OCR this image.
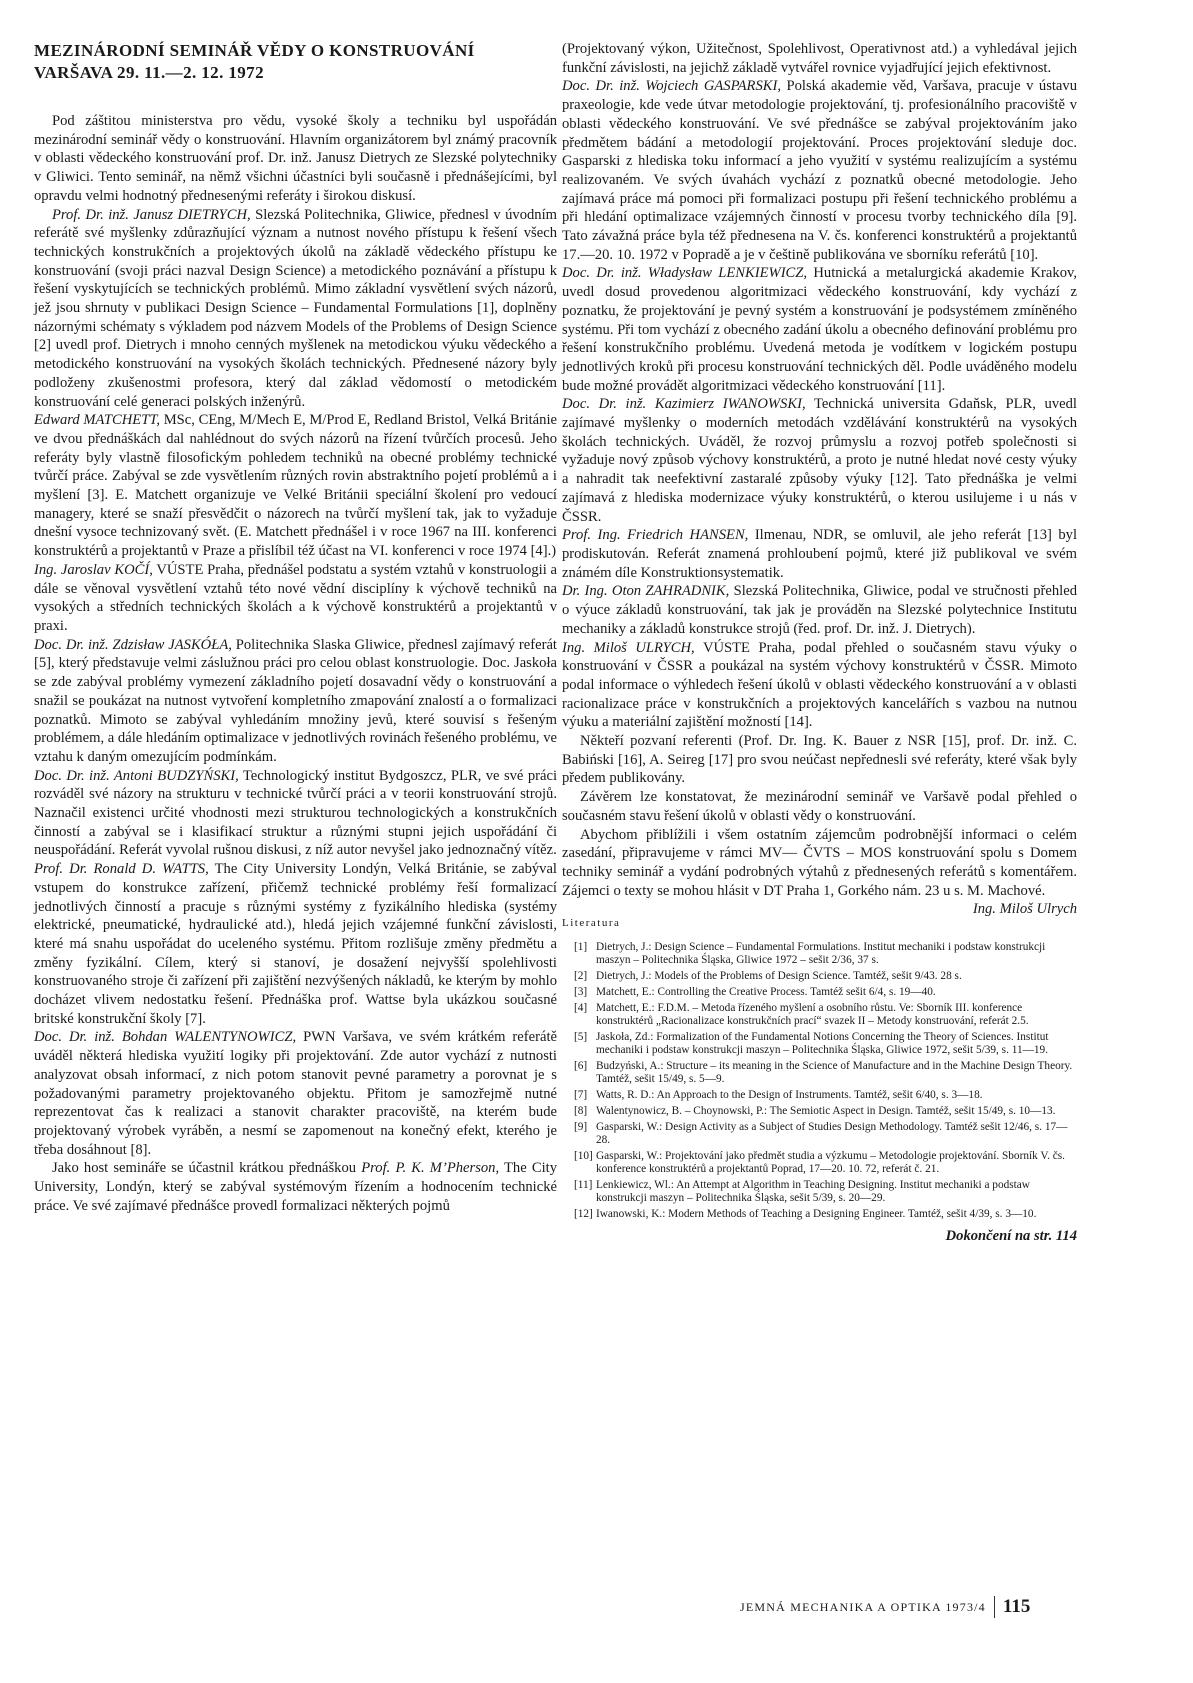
MEZINÁRODNÍ SEMINÁŘ VĚDY O KONSTRUOVÁNÍ
VARŠAVA 29. 11.—2. 12. 1972

Pod záštitou ministerstva pro vědu, vysoké školy a techniku byl uspořádán mezinárodní seminář vědy o konstruování. Hlavním organizátorem byl známý pracovník v oblasti vědeckého konstruování prof. Dr. inž. Janusz Dietrych ze Slezské polytechniky v Gliwici. Tento seminář, na němž všichni účastníci byli současně i přednášejícími, byl opravdu velmi hodnotný přednesenými referáty i širokou diskusí.

Prof. Dr. inž. Janusz DIETRYCH, Slezská Politechnika, Gliwice, přednesl v úvodním referátě své myšlenky zdůrazňující význam a nutnost nového přístupu k řešení všech technických konstrukčních a projektových úkolů na základě vědeckého přístupu ke konstruování (svoji práci nazval Design Science) a metodického poznávání a přístupu k řešení vyskytujících se technických problémů. Mimo základní vysvětlení svých názorů, jež jsou shrnuty v publikaci Design Science – Fundamental Formulations [1], doplněny názornými schématy s výkladem pod názvem Models of the Problems of Design Science [2] uvedl prof. Dietrych i mnoho cenných myšlenek na metodickou výuku vědeckého a metodického konstruování na vysokých školách technických. Přednesené názory byly podloženy zkušenostmi profesora, který dal základ vědomostí o metodickém konstruování celé generaci polských inženýrů.

Edward MATCHETT, MSc, CEng, M/Mech E, M/Prod E, Redland Bristol, Velká Británie ve dvou přednáškách dal nahlédnout do svých názorů na řízení tvůrčích procesů. Jeho referáty byly vlastně filosofickým pohledem techniků na obecné problémy technické tvůrčí práce. Zabýval se zde vysvětlením různých rovin abstraktního pojetí problémů a i myšlení [3]. E. Matchett organizuje ve Velké Británii speciální školení pro vedoucí managery, které se snaží přesvědčit o názorech na tvůrčí myšlení tak, jak to vyžaduje dnešní vysoce technizovaný svět. (E. Matchett přednášel i v roce 1967 na III. konferenci konstruktérů a projektantů v Praze a přislíbil též účast na VI. konferenci v roce 1974 [4].)

Ing. Jaroslav KOČÍ, VÚSTE Praha, přednášel podstatu a systém vztahů v konstruologii a dále se věnoval vysvětlení vztahů této nové vědní disciplíny k výchově techniků na vysokých a středních technických školách a k výchově konstruktérů a projektantů v praxi.

Doc. Dr. inž. Zdzisław JASKÓŁA, Politechnika Slaska Gliwice, přednesl zajímavý referát [5], který představuje velmi záslužnou práci pro celou oblast konstruologie. Doc. Jaskoła se zde zabýval problémy vymezení základního pojetí dosavadní vědy o konstruování a snažil se poukázat na nutnost vytvoření kompletního zmapování znalostí a o formalizaci poznatků. Mimoto se zabýval vyhledáním množiny jevů, které souvisí s řešeným problémem, a dále hledáním optimalizace v jednotlivých rovinách řešeného problému, ve vztahu k daným omezujícím podmínkám.

Doc. Dr. inž. Antoni BUDZYŃSKI, Technologický institut Bydgoszcz, PLR, ve své práci rozváděl své názory na strukturu v technické tvůrčí práci a v teorii konstruování strojů. Naznačil existenci určité vhodnosti mezi strukturou technologických a konstrukčních činností a zabýval se i klasifikací struktur a různými stupni jejich uspořádání či neuspořádání. Referát vyvolal rušnou diskusi, z níž autor nevyšel jako jednoznačný vítěz.

Prof. Dr. Ronald D. WATTS, The City University Londýn, Velká Británie, se zabýval vstupem do konstrukce zařízení, přičemž technické problémy řeší formalizací jednotlivých činností a pracuje s různými systémy z fyzikálního hlediska (systémy elektrické, pneumatické, hydraulické atd.), hledá jejich vzájemné funkční závislosti, které má snahu uspořádat do uceleného systému. Přitom rozlišuje změny předmětu a změny fyzikální. Cílem, který si stanoví, je dosažení nejvyšší spolehlivosti konstruovaného stroje či zařízení při zajištění nezvýšených nákladů, ke kterým by mohlo docházet vlivem nedostatku řešení. Přednáška prof. Wattse byla ukázkou současné britské konstrukční školy [7].

Doc. Dr. inž. Bohdan WALENTYNOWICZ, PWN Varšava, ve svém krátkém referátě uváděl některá hlediska využití logiky při projektování. Zde autor vychází z nutnosti analyzovat obsah informací, z nich potom stanovit pevné parametry a porovnat je s požadovanými parametry projektovaného objektu. Přitom je samozřejmě nutné reprezentovat čas k realizaci a stanovit charakter pracoviště, na kterém bude projektovaný výrobek vyráběn, a nesmí se zapomenout na konečný efekt, kterého je třeba dosáhnout [8].

Jako host semináře se účastnil krátkou přednáškou Prof. P. K. M’Pherson, The City University, Londýn, který se zabýval systémovým řízením a hodnocením technické práce. Ve své zajímavé přednášce provedl formalizaci některých pojmů

(Projektovaný výkon, Užitečnost, Spolehlivost, Operativnost atd.) a vyhledával jejich funkční závislosti, na jejichž základě vytvářel rovnice vyjadřující jejich efektivnost.

Doc. Dr. inž. Wojciech GASPARSKI, Polská akademie věd, Varšava, pracuje v ústavu praxeologie, kde vede útvar metodologie projektování, tj. profesionálního pracoviště v oblasti vědeckého konstruování. Ve své přednášce se zabýval projektováním jako předmětem bádání a metodologií projektování. Proces projektování sleduje doc. Gasparski z hlediska toku informací a jeho využití v systému realizujícím a systému realizovaném. Ve svých úvahách vychází z poznatků obecné metodologie. Jeho zajímavá práce má pomoci při formalizaci postupu při řešení technického problému a při hledání optimalizace vzájemných činností v procesu tvorby technického díla [9]. Tato závažná práce byla též přednesena na V. čs. konferenci konstruktérů a projektantů 17.—20. 10. 1972 v Popradě a je v češtině publikována ve sborníku referátů [10].

Doc. Dr. inž. Władysław LENKIEWICZ, Hutnická a metalurgická akademie Krakov, uvedl dosud provedenou algoritmizaci vědeckého konstruování, kdy vychází z poznatku, že projektování je pevný systém a konstruování je podsystémem zmíněného systému. Při tom vychází z obecného zadání úkolu a obecného definování problému pro řešení konstrukčního problému. Uvedená metoda je vodítkem v logickém postupu jednotlivých kroků při procesu konstruování technických děl. Podle uváděného modelu bude možné provádět algoritmizaci vědeckého konstruování [11].

Doc. Dr. inž. Kazimierz IWANOWSKI, Technická universita Gdaňsk, PLR, uvedl zajímavé myšlenky o moderních metodách vzdělávání konstruktérů na vysokých školách technických. Uváděl, že rozvoj průmyslu a rozvoj potřeb společnosti si vyžaduje nový způsob výchovy konstruktérů, a proto je nutné hledat nové cesty výuky a nahradit tak neefektivní zastaralé způsoby výuky [12]. Tato přednáška je velmi zajímavá z hlediska modernizace výuky konstruktérů, o kterou usilujeme i u nás v ČSSR.

Prof. Ing. Friedrich HANSEN, Ilmenau, NDR, se omluvil, ale jeho referát [13] byl prodiskutován. Referát znamená prohloubení pojmů, které již publikoval ve svém známém díle Konstruktionsystematik.

Dr. Ing. Oton ZAHRADNIK, Slezská Politechnika, Gliwice, podal ve stručnosti přehled o výuce základů konstruování, tak jak je prováděn na Slezské polytechnice Institutu mechaniky a základů konstrukce strojů (řed. prof. Dr. inž. J. Dietrych).

Ing. Miloš ULRYCH, VÚSTE Praha, podal přehled o současném stavu výuky o konstruování v ČSSR a poukázal na systém výchovy konstruktérů v ČSSR. Mimoto podal informace o výhledech řešení úkolů v oblasti vědeckého konstruování a v oblasti racionalizace práce v konstrukčních a projektových kancelářích s vazbou na nutnou výuku a materiální zajištění možností [14].

Někteří pozvaní referenti (Prof. Dr. Ing. K. Bauer z NSR [15], prof. Dr. inž. C. Babiński [16], A. Seireg [17] pro svou neúčast nepřednesli své referáty, které však byly předem publikovány.

Závěrem lze konstatovat, že mezinárodní seminář ve Varšavě podal přehled o současném stavu řešení úkolů v oblasti vědy o konstruování.

Abychom přiblížili i všem ostatním zájemcům podrobnější informaci o celém zasedání, připravujeme v rámci MV— ČVTS – MOS konstruování spolu s Domem techniky seminář a vydání podrobných výtahů z přednesených referátů s komentářem. Zájemci o texty se mohou hlásit v DT Praha 1, Gorkého nám. 23 u s. M. Machové.
Ing. Miloš Ulrych

Literatura
[1] Dietrych, J.: Design Science – Fundamental Formulations. Institut mechaniki i podstaw konstrukcji maszyn – Politechnika Śląska, Gliwice 1972 – sešit 2/36, 37 s.
[2] Dietrych, J.: Models of the Problems of Design Science. Tamtéž, sešit 9/43. 28 s.
[3] Matchett, E.: Controlling the Creative Process. Tamtéž sešit 6/4, s. 19—40.
[4] Matchett, E.: F.D.M. – Metoda řízeného myšlení a osobního růstu. Ve: Sborník III. konference konstruktérů „Racionalizace konstrukčních prací“ svazek II – Metody konstruování, referát 2.5.
[5] Jaskoła, Zd.: Formalization of the Fundamental Notions Concerning the Theory of Sciences. Institut mechaniki i podstaw konstrukcji maszyn – Politechnika Śląska, Gliwice 1972, sešit 5/39, s. 11—19.
[6] Budzyński, A.: Structure – its meaning in the Science of Manufacture and in the Machine Design Theory. Tamtéž, sešit 15/49, s. 5—9.
[7] Watts, R. D.: An Approach to the Design of Instruments. Tamtéž, sešit 6/40, s. 3—18.
[8] Walentynowicz, B. – Choynowski, P.: The Semiotic Aspect in Design. Tamtéž, sešit 15/49, s. 10—13.
[9] Gasparski, W.: Design Activity as a Subject of Studies Design Methodology. Tamtéž sešit 12/46, s. 17—28.
[10] Gasparski, W.: Projektování jako předmět studia a výzkumu – Metodologie projektování. Sborník V. čs. konference konstruktérů a projektantů Poprad, 17—20. 10. 72, referát č. 21.
[11] Lenkiewicz, Wl.: An Attempt at Algorithm in Teaching Designing. Institut mechaniki a podstaw konstrukcji maszyn – Politechnika Śląska, sešit 5/39, s. 20—29.
[12] Iwanowski, K.: Modern Methods of Teaching a Designing Engineer. Tamtéž, sešit 4/39, s. 3—10.
Dokončení na str. 114
JEMNÁ MECHANIKA A OPTIKA 1973/4 115
